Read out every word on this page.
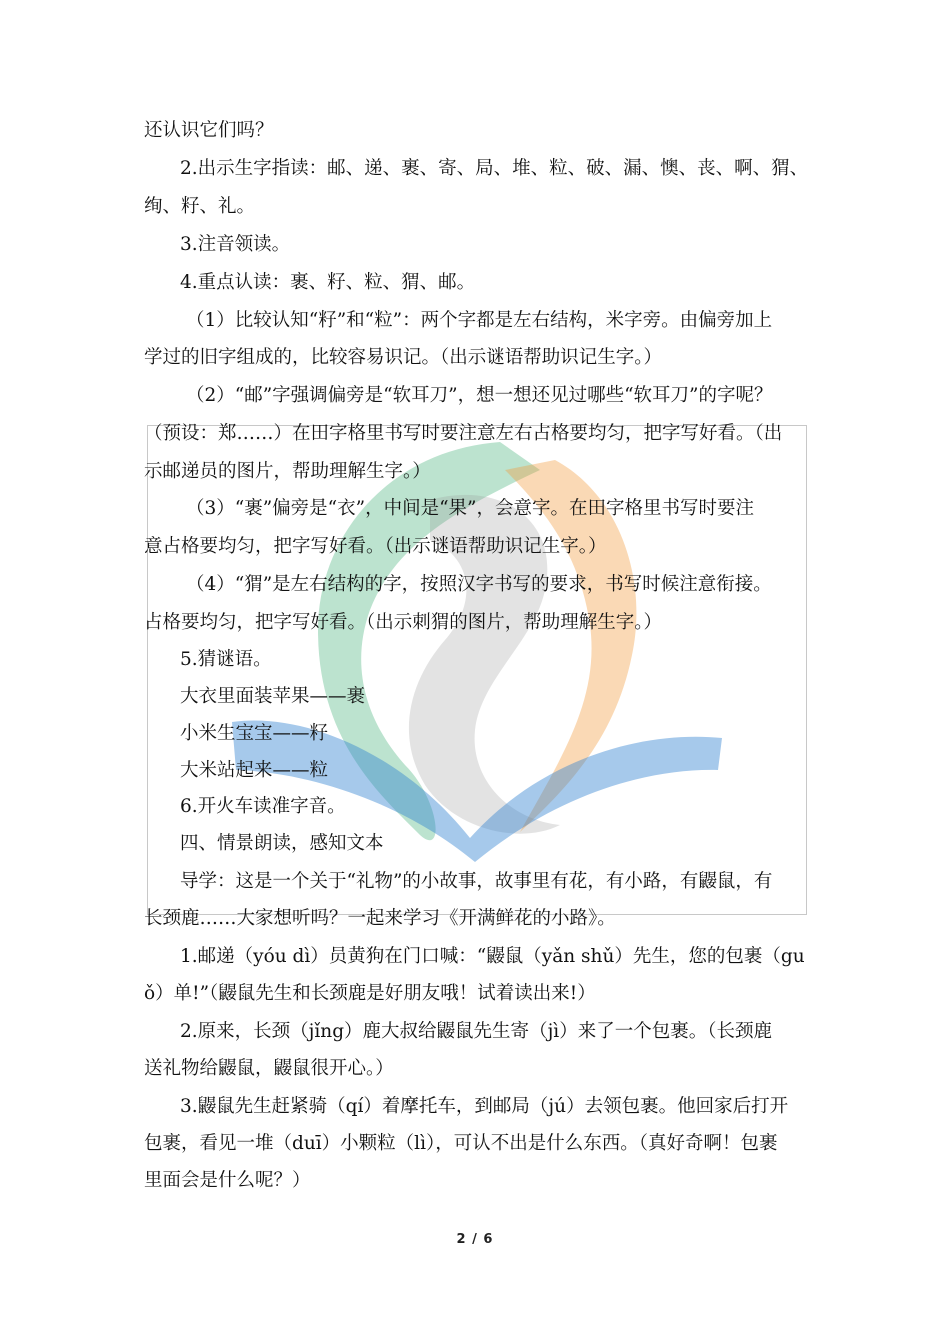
还认识它们吗？
2.出示生字指读：邮、递、裹、寄、局、堆、粒、破、漏、懊、丧、啊、猬、
绚、籽、礼。
3.注音领读。
4.重点认读：裹、籽、粒、猬、邮。
（1）比较认知“籽”和“粒”：两个字都是左右结构，米字旁。由偏旁加上
学过的旧字组成的，比较容易识记。（出示谜语帮助识记生字。）
（2）“邮”字强调偏旁是“软耳刀”，想一想还见过哪些“软耳刀”的字呢？
（预设：郑……）在田字格里书写时要注意左右占格要均匀，把字写好看。（出
示邮递员的图片，帮助理解生字。）
（3）“裹”偏旁是“衣”，中间是“果”，会意字。在田字格里书写时要注
意占格要均匀，把字写好看。（出示谜语帮助识记生字。）
（4）“猬”是左右结构的字，按照汉字书写的要求，书写时候注意衔接。
占格要均匀，把字写好看。（出示刺猬的图片，帮助理解生字。）
5.猜谜语。
大衣里面装苹果——裹
小米生宝宝——籽
大米站起来——粒
6.开火车读准字音。
四、情景朗读，感知文本
导学：这是一个关于“礼物”的小故事，故事里有花，有小路，有鼹鼠，有
长颈鹿……大家想听吗？一起来学习《开满鲜花的小路》。
1.邮递（yóu dì）员黄狗在门口喊：“鼹鼠（yǎn shǔ）先生，您的包裹（gu
ǒ）单!”（鼹鼠先生和长颈鹿是好朋友哦！试着读出来!）
2.原来，长颈（jǐng）鹿大叔给鼹鼠先生寄（jì）来了一个包裹。（长颈鹿
送礼物给鼹鼠，鼹鼠很开心。）
3.鼹鼠先生赶紧骑（qí）着摩托车，到邮局（jú）去领包裹。他回家后打开
包裹，看见一堆（duī）小颗粒（lì），可认不出是什么东西。（真好奇啊！包裹
里面会是什么呢？）
2 / 6
